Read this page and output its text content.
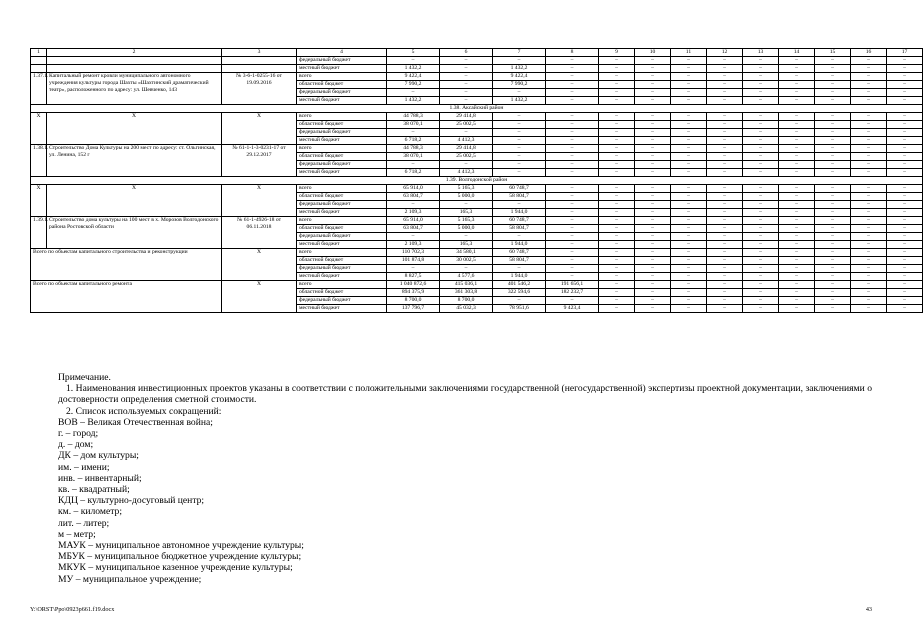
1	2	3	4	5	6	7	8	9	10	11	12	13	14	15	16	17
			федеральный бюджет	–	–	–	–	–	–	–	–	–	–	–	–	–
			местный бюджет	1 432,2	–	1 432,2	–	–	–	–	–	–	–	–	–	–
1.37.1.	Капитальный ремонт кровли муниципального автономного учреждения культуры города Шахты «Шахтинский драматический театр», расположенного по адресу: ул. Шевченко, 143	№ 3-6-1-0255-16 от 19.09.2016	всего	9 422,4	–	9 422,4	–	–	–	–	–	–	–	–	–	–
			областной бюджет	7 990,2	–	7 990,2	–	–	–	–	–	–	–	–	–	–
			федеральный бюджет	–	–	–	–	–	–	–	–	–	–	–	–	–
			местный бюджет	1 432,2	–	1 432,2	–	–	–	–	–	–	–	–	–	–
1.38. Аксайский район																
Х	Х	Х	всего	44 788,3	29 414,8	–	–	–	–	–	–	–	–	–	–	–
			областной бюджет	38 070,1	25 002,5	–	–	–	–	–	–	–	–	–	–	–
			федеральный бюджет	–	–	–	–	–	–	–	–	–	–	–	–	–
			местный бюджет	6 718,2	4 412,3	–	–	–	–	–	–	–	–	–	–	–
1.38.1.	Строительство Дома Культуры на 200 мест по адресу: ст. Ольгинская, ул. Ленина, 152 г	№ 61-1-1-3-0231-17 от 29.12.2017	всего	44 788,3	29 414,8	–	–	–	–	–	–	–	–	–	–	–
			областной бюджет	38 070,1	25 002,5	–	–	–	–	–	–	–	–	–	–	–
			федеральный бюджет	–	–	–	–	–	–	–	–	–	–	–	–	–
			местный бюджет	6 718,2	4 412,3	–	–	–	–	–	–	–	–	–	–	–
1.39. Волгодонской район																
Х	Х	Х	всего	65 914,0	5 165,3	60 748,7	–	–	–	–	–	–	–	–	–	–
			областной бюджет	63 804,7	5 000,0	58 804,7	–	–	–	–	–	–	–	–	–	–
			федеральный бюджет	–	–	–	–	–	–	–	–	–	–	–	–	–
			местный бюджет	2 109,3	165,3	1 944,0	–	–	–	–	–	–	–	–	–	–
1.39.1.	Строительство дома культуры на 100 мест в х. Морозов Волгодонского района Ростовской области	№ 61-1-4926-18 от 06.11.2018	всего	65 914,0	5 165,3	60 748,7	–	–	–	–	–	–	–	–	–	–
			областной бюджет	63 804,7	5 000,0	58 804,7	–	–	–	–	–	–	–	–	–	–
			федеральный бюджет	–	–	–	–	–	–	–	–	–	–	–	–	–
			местный бюджет	2 109,3	165,3	1 944,0	–	–	–	–	–	–	–	–	–	–
Всего по объектам капитального строительства и реконструкции		Х	всего	110 702,3	34 580,1	60 748,7	–	–	–	–	–	–	–	–	–	–
			областной бюджет	101 874,8	30 002,5	58 804,7	–	–	–	–	–	–	–	–	–	–
			федеральный бюджет	–	–	–	–	–	–	–	–	–	–	–	–	–
			местный бюджет	8 827,5	4 577,6	1 944,0	–	–	–	–	–	–	–	–	–	–
Всего по объектам капитального ремонта		Х	всего	1 040 872,6	415 036,1	401 546,2	191 656,1	–	–	–	–	–	–	–	–	–
			областной бюджет	894 375,9	361 303,8	322 594,6	182 232,7	–	–	–	–	–	–	–	–	–
			федеральный бюджет	8 700,0	8 700,0	–	–	–	–	–	–	–	–	–	–	–
			местный бюджет	137 796,7	45 032,3	78 951,6	9 423,4	–	–	–	–	–	–	–	–	–
Примечание.
1. Наименования инвестиционных проектов указаны в соответствии с положительными заключениями государственной (негосударственной) экспертизы проектной документации, заключениями о достоверности определения сметной стоимости.
2. Список используемых сокращений:
ВОВ – Великая Отечественная война;
г. – город;
д. – дом;
ДК – дом культуры;
им. – имени;
инв. – инвентарный;
кв. – квадратный;
КДЦ – культурно-досуговый центр;
км. – километр;
лит. – литер;
м – метр;
МАУК – муниципальное автономное учреждение культуры;
МБУК – муниципальное бюджетное учреждение культуры;
МКУК – муниципальное казенное учреждение культуры;
МУ – муниципальное учреждение;
Y:\ORST\Ppo\0923p661.f19.docx	43
